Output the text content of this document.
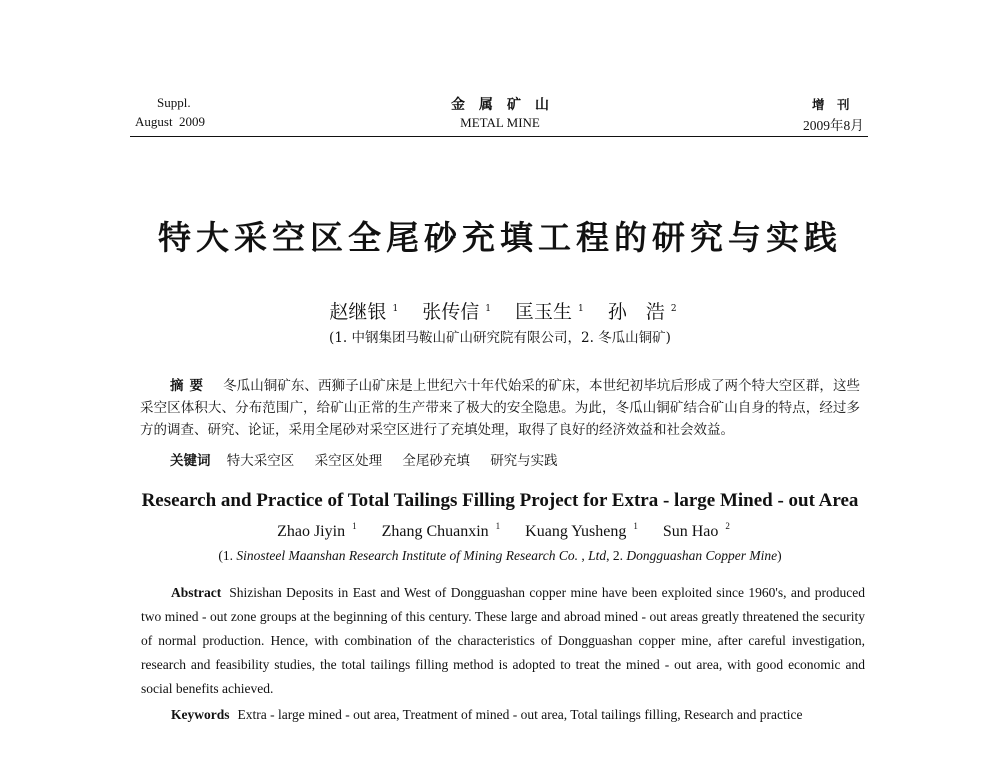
Suppl.
August  2009
金　属　矿　山
METAL MINE
增　刊
2009年8月
特大采空区全尾砂充填工程的研究与实践
赵继银 $^1$ 张传信 $^1$ 匡玉生 $^1$ 孙　浩 $^2$
(1. 中钢集团马鞍山矿山研究院有限公司，2. 冬瓜山铜矿)
摘要 冬瓜山铜矿东、西狮子山矿床是上世纪六十年代始采的矿床，本世纪初毕坑后形成了两个特大空区群，这些采空区体积大、分布范围广，给矿山正常的生产带来了极大的安全隐患。为此，冬瓜山铜矿结合矿山自身的特点，经过多方的调查、研究、论证，采用全尾砂对采空区进行了充填处理，取得了良好的经济效益和社会效益。
关键词 特大采空区 采空区处理 全尾砂充填 研究与实践
Research and Practice of Total Tailings Filling Project for Extra - large Mined - out Area
Zhao Jiyin $^1$ Zhang Chuanxin $^1$ Kuang Yusheng $^1$ Sun Hao $^2$
(1. Sinosteel Maanshan Research Institute of Mining Research Co. , Ltd, 2. Dongguashan Copper Mine)
Abstract Shizishan Deposits in East and West of Dongguashan copper mine have been exploited since 1960's, and produced two mined - out zone groups at the beginning of this century. These large and abroad mined - out areas greatly threatened the security of normal production. Hence, with combination of the characteristics of Dongguashan copper mine, after careful investigation, research and feasibility studies, the total tailings filling method is adopted to treat the mined - out area, with good economic and social benefits achieved.
Keywords Extra - large mined - out area, Treatment of mined - out area, Total tailings filling, Research and practice
